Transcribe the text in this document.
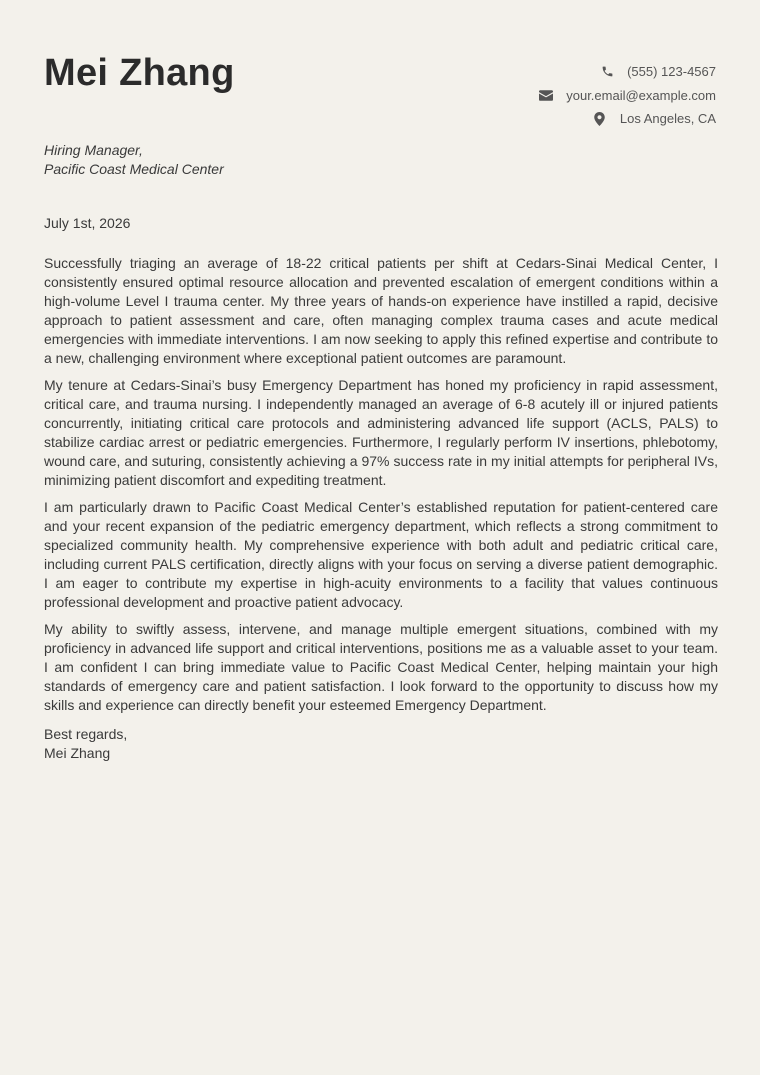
Mei Zhang	(555) 123-4567
your.email@example.com
Los Angeles, CA
Hiring Manager,
Pacific Coast Medical Center
July 1st, 2026

Successfully triaging an average of 18-22 critical patients per shift at Cedars-Sinai Medical Center, I consistently ensured optimal resource allocation and prevented escalation of emergent conditions within a high-volume Level I trauma center. My three years of hands-on experience have instilled a rapid, decisive approach to patient assessment and care, often managing complex trauma cases and acute medical emergencies with immediate interventions. I am now seeking to apply this refined expertise and contribute to a new, challenging environment where exceptional patient outcomes are paramount.

My tenure at Cedars-Sinai’s busy Emergency Department has honed my proficiency in rapid assessment, critical care, and trauma nursing. I independently managed an average of 6-8 acutely ill or injured patients concurrently, initiating critical care protocols and administering advanced life support (ACLS, PALS) to stabilize cardiac arrest or pediatric emergencies. Furthermore, I regularly perform IV insertions, phlebotomy, wound care, and suturing, consistently achieving a 97% success rate in my initial attempts for peripheral IVs, minimizing patient discomfort and expediting treatment.

I am particularly drawn to Pacific Coast Medical Center’s established reputation for patient-centered care and your recent expansion of the pediatric emergency department, which reflects a strong commitment to specialized community health. My comprehensive experience with both adult and pediatric critical care, including current PALS certification, directly aligns with your focus on serving a diverse patient demographic. I am eager to contribute my expertise in high-acuity environments to a facility that values continuous professional development and proactive patient advocacy.

My ability to swiftly assess, intervene, and manage multiple emergent situations, combined with my proficiency in advanced life support and critical interventions, positions me as a valuable asset to your team. I am confident I can bring immediate value to Pacific Coast Medical Center, helping maintain your high standards of emergency care and patient satisfaction. I look forward to the opportunity to discuss how my skills and experience can directly benefit your esteemed Emergency Department.

Best regards,
Mei Zhang
